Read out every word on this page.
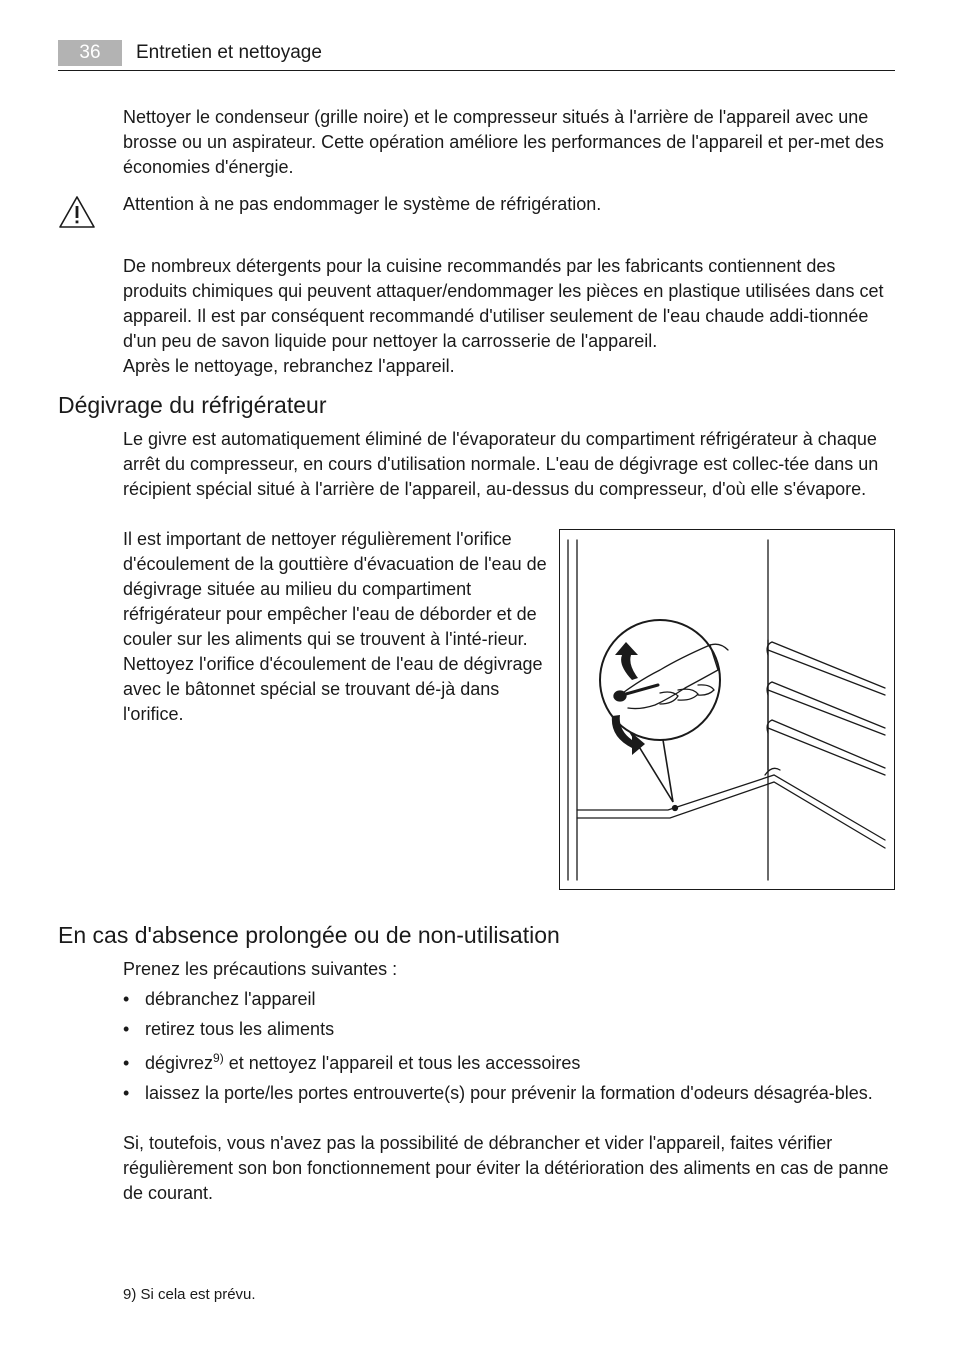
36	Entretien et nettoyage

Nettoyer le condenseur (grille noire) et le compresseur situés à l'arrière de l'appareil avec une brosse ou un aspirateur. Cette opération améliore les performances de l'appareil et per-met des économies d'énergie.

Attention à ne pas endommager le système de réfrigération.

De nombreux détergents pour la cuisine recommandés par les fabricants contiennent des produits chimiques qui peuvent attaquer/endommager les pièces en plastique utilisées dans cet appareil. Il est par conséquent recommandé d'utiliser seulement de l'eau chaude addi-tionnée d'un peu de savon liquide pour nettoyer la carrosserie de l'appareil.

Après le nettoyage, rebranchez l'appareil.

Dégivrage du réfrigérateur

Le givre est automatiquement éliminé de l'évaporateur du compartiment réfrigérateur à chaque arrêt du compresseur, en cours d'utilisation normale. L'eau de dégivrage est collec-tée dans un récipient spécial situé à l'arrière de l'appareil, au-dessus du compresseur, d'où elle s'évapore.

Il est important de nettoyer régulièrement l'orifice d'écoulement de la gouttière d'évacuation de l'eau de dégivrage située au milieu du compartiment réfrigérateur pour empêcher l'eau de déborder et de couler sur les aliments qui se trouvent à l'inté-rieur. Nettoyez l'orifice d'écoulement de l'eau de dégivrage avec le bâtonnet spécial se trouvant dé-jà dans l'orifice.

En cas d'absence prolongée ou de non-utilisation

Prenez les précautions suivantes :

• débranchez l'appareil
• retirez tous les aliments
• dégivrez$^{9)}$ et nettoyez l'appareil et tous les accessoires
• laissez la porte/les portes entrouverte(s) pour prévenir la formation d'odeurs désagréa-bles.

Si, toutefois, vous n'avez pas la possibilité de débrancher et vider l'appareil, faites vérifier régulièrement son bon fonctionnement pour éviter la détérioration des aliments en cas de panne de courant.

9) Si cela est prévu.
